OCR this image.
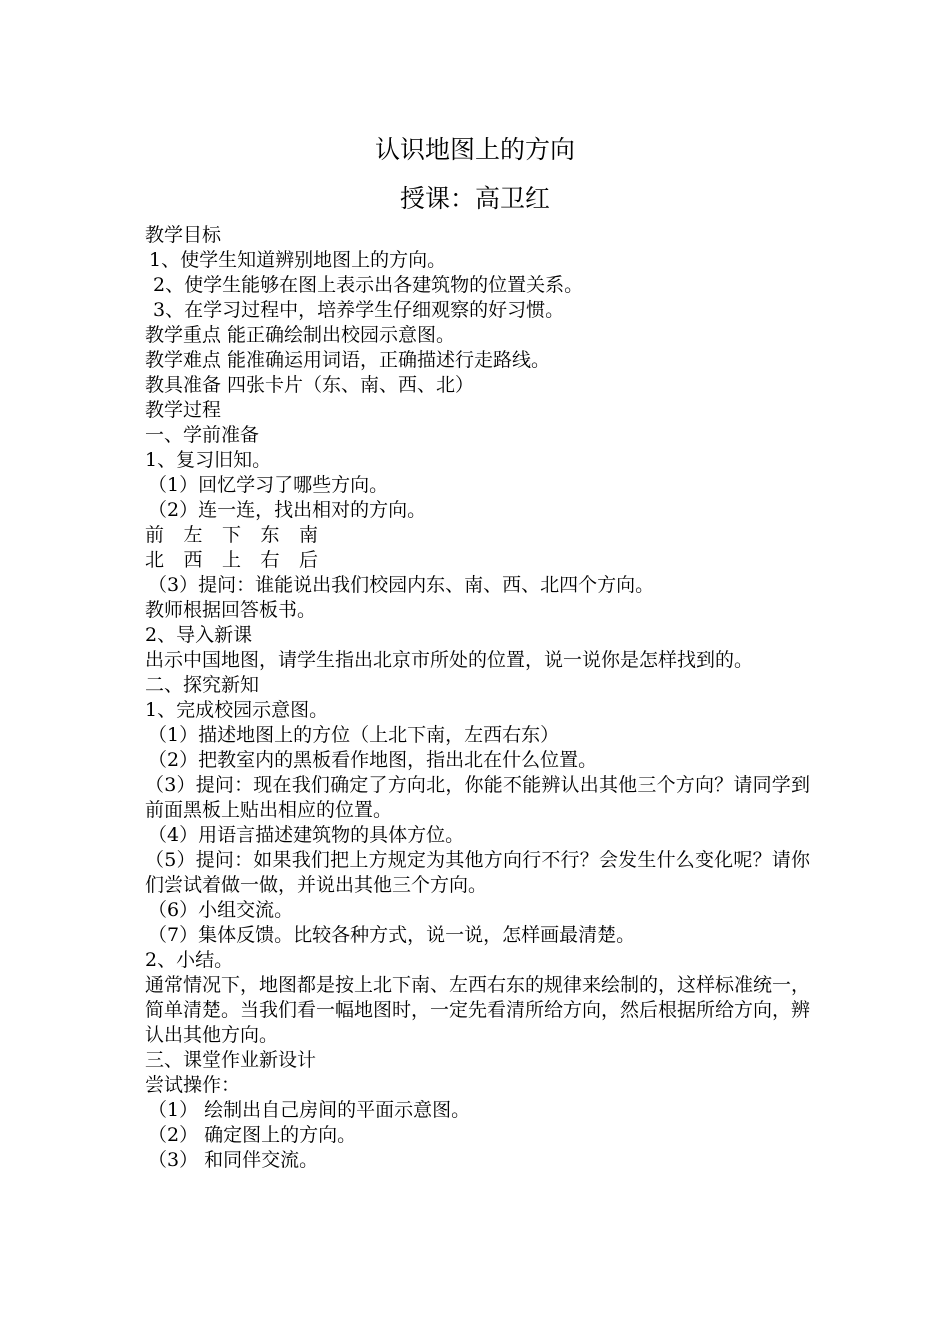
认识地图上的方向
授课：高卫红
教学目标
1、使学生知道辨别地图上的方向。
2、使学生能够在图上表示出各建筑物的位置关系。
3、在学习过程中，培养学生仔细观察的好习惯。
教学重点 能正确绘制出校园示意图。
教学难点 能准确运用词语，正确描述行走路线。
教具准备 四张卡片（东、南、西、北）
教学过程
一、学前准备
1、复习旧知。
（1）回忆学习了哪些方向。
（2）连一连，找出相对的方向。
前	左	下	东	南
北	西	上	右	后
（3）提问：谁能说出我们校园内东、南、西、北四个方向。
教师根据回答板书。
2、导入新课
出示中国地图，请学生指出北京市所处的位置，说一说你是怎样找到的。
二、探究新知
1、完成校园示意图。
（1）描述地图上的方位（上北下南，左西右东）
（2）把教室内的黑板看作地图，指出北在什么位置。
（3）提问：现在我们确定了方向北，你能不能辨认出其他三个方向？请同学到前面黑板上贴出相应的位置。
（4）用语言描述建筑物的具体方位。
（5）提问：如果我们把上方规定为其他方向行不行？会发生什么变化呢？请你们尝试着做一做，并说出其他三个方向。
（6）小组交流。
（7）集体反馈。比较各种方式，说一说，怎样画最清楚。
2、小结。
通常情况下，地图都是按上北下南、左西右东的规律来绘制的，这样标准统一，简单清楚。当我们看一幅地图时，一定先看清所给方向，然后根据所给方向，辨认出其他方向。
三、课堂作业新设计
尝试操作：
（1） 绘制出自己房间的平面示意图。
（2） 确定图上的方向。
（3） 和同伴交流。
